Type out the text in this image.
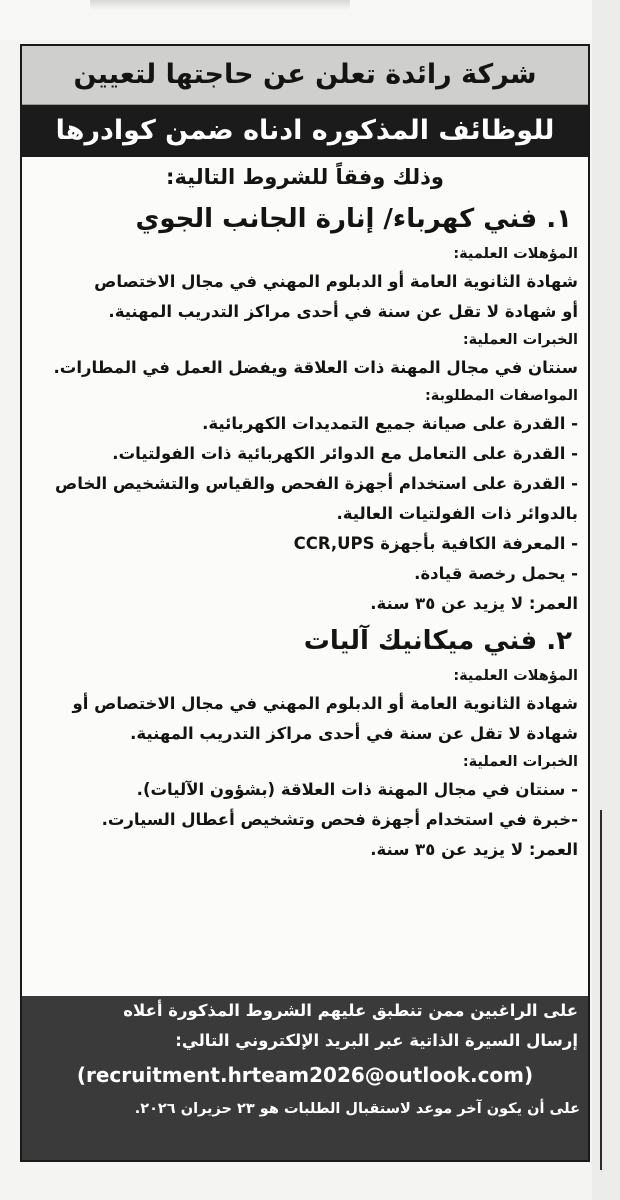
شركة رائدة تعلن عن حاجتها لتعيين
للوظائف المذكوره ادناه ضمن كوادرها
وذلك وفقاً للشروط التالية:
١. فني كهرباء/ إنارة الجانب الجوي
المؤهلات العلمية:
شهادة الثانوية العامة أو الدبلوم المهني في مجال الاختصاص
أو شهادة لا تقل عن سنة في أحدى مراكز التدريب المهنية.
الخبرات العملية:
سنتان في مجال المهنة ذات العلاقة ويفضل العمل في المطارات.
المواصفات المطلوبة:
- القدرة على صيانة جميع التمديدات الكهربائية.
- القدرة على التعامل مع الدوائر الكهربائية ذات الفولتيات.
- القدرة على استخدام أجهزة الفحص والقياس والتشخيص الخاص بالدوائر ذات الفولتيات العالية.
- المعرفة الكافية بأجهزة CCR,UPS
- يحمل رخصة قيادة.
العمر: لا يزيد عن ٣٥ سنة.
٢. فني ميكانيك آليات
المؤهلات العلمية:
شهادة الثانوية العامة أو الدبلوم المهني في مجال الاختصاص أو
شهادة لا تقل عن سنة في أحدى مراكز التدريب المهنية.
الخبرات العملية:
- سنتان في مجال المهنة ذات العلاقة (بشؤون الآليات).
-خبرة في استخدام أجهزة فحص وتشخيص أعطال السيارت.
العمر: لا يزيد عن ٣٥ سنة.
على الراغبين ممن تنطبق عليهم الشروط المذكورة أعلاه
إرسال السيرة الذاتية عبر البريد الإلكتروني التالي:
(recruitment.hrteam2026@outlook.com)
على أن يكون آخر موعد لاستقبال الطلبات هو ٢٣ حزيران ٢٠٢٦.
